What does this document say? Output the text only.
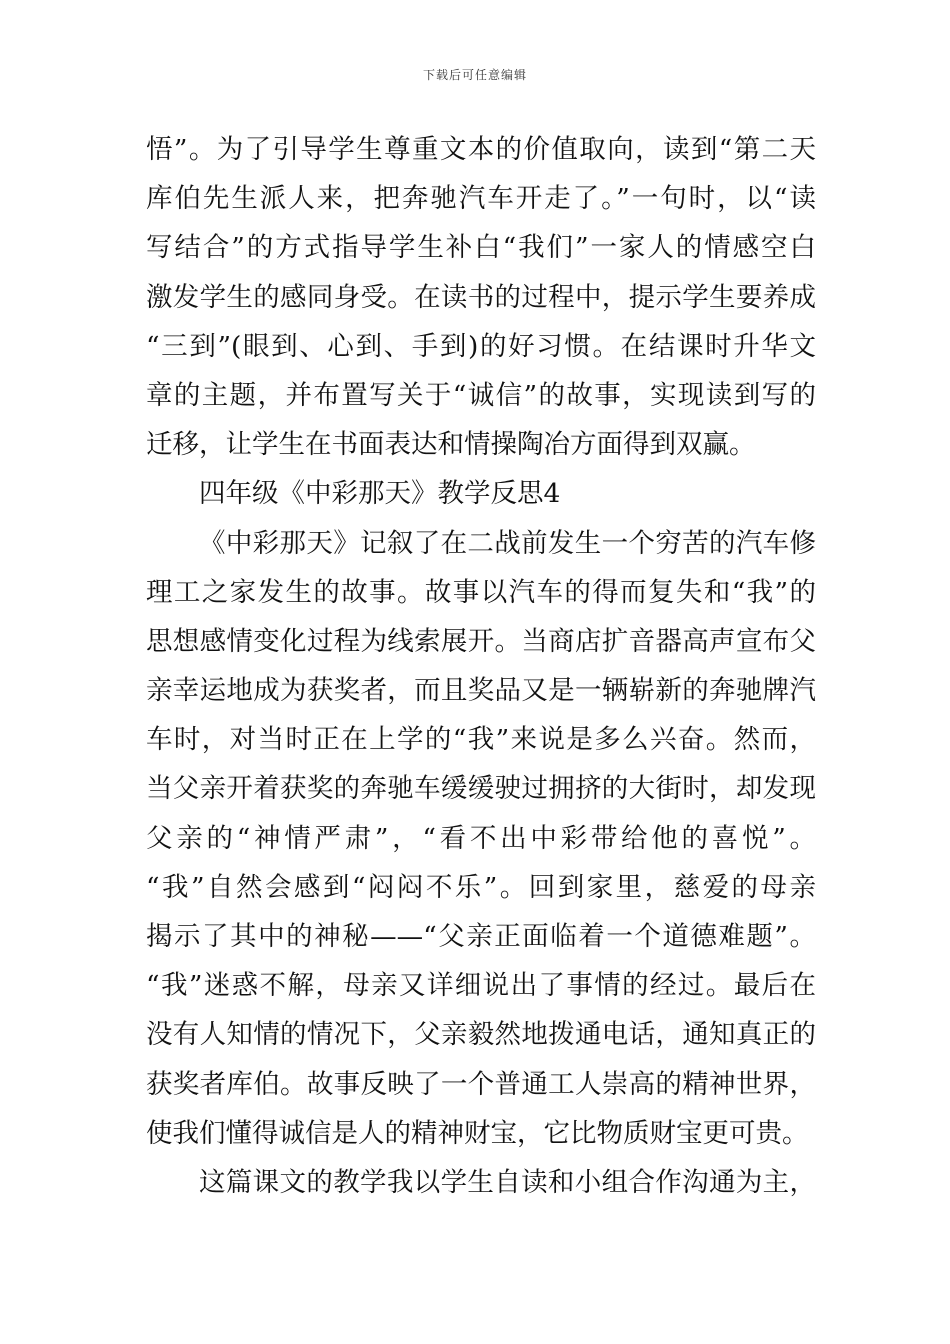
下载后可任意编辑
悟”。为了引导学生尊重文本的价值取向，读到“第二天
库伯先生派人来，把奔驰汽车开走了。”一句时，以“读
写结合”的方式指导学生补白“我们”一家人的情感空白
激发学生的感同身受。在读书的过程中，提示学生要养成
“三到”(眼到、心到、手到)的好习惯。在结课时升华文
章的主题，并布置写关于“诚信”的故事，实现读到写的
迁移，让学生在书面表达和情操陶冶方面得到双赢。
四年级《中彩那天》教学反思4
《中彩那天》记叙了在二战前发生一个穷苦的汽车修
理工之家发生的故事。故事以汽车的得而复失和“我”的
思想感情变化过程为线索展开。当商店扩音器高声宣布父
亲幸运地成为获奖者，而且奖品又是一辆崭新的奔驰牌汽
车时，对当时正在上学的“我”来说是多么兴奋。然而，
当父亲开着获奖的奔驰车缓缓驶过拥挤的大街时，却发现
父亲的“神情严肃”，“看不出中彩带给他的喜悦”。
“我”自然会感到“闷闷不乐”。回到家里，慈爱的母亲
揭示了其中的神秘——“父亲正面临着一个道德难题”。
“我”迷惑不解，母亲又详细说出了事情的经过。最后在
没有人知情的情况下，父亲毅然地拨通电话，通知真正的
获奖者库伯。故事反映了一个普通工人崇高的精神世界，
使我们懂得诚信是人的精神财宝，它比物质财宝更可贵。
这篇课文的教学我以学生自读和小组合作沟通为主，
